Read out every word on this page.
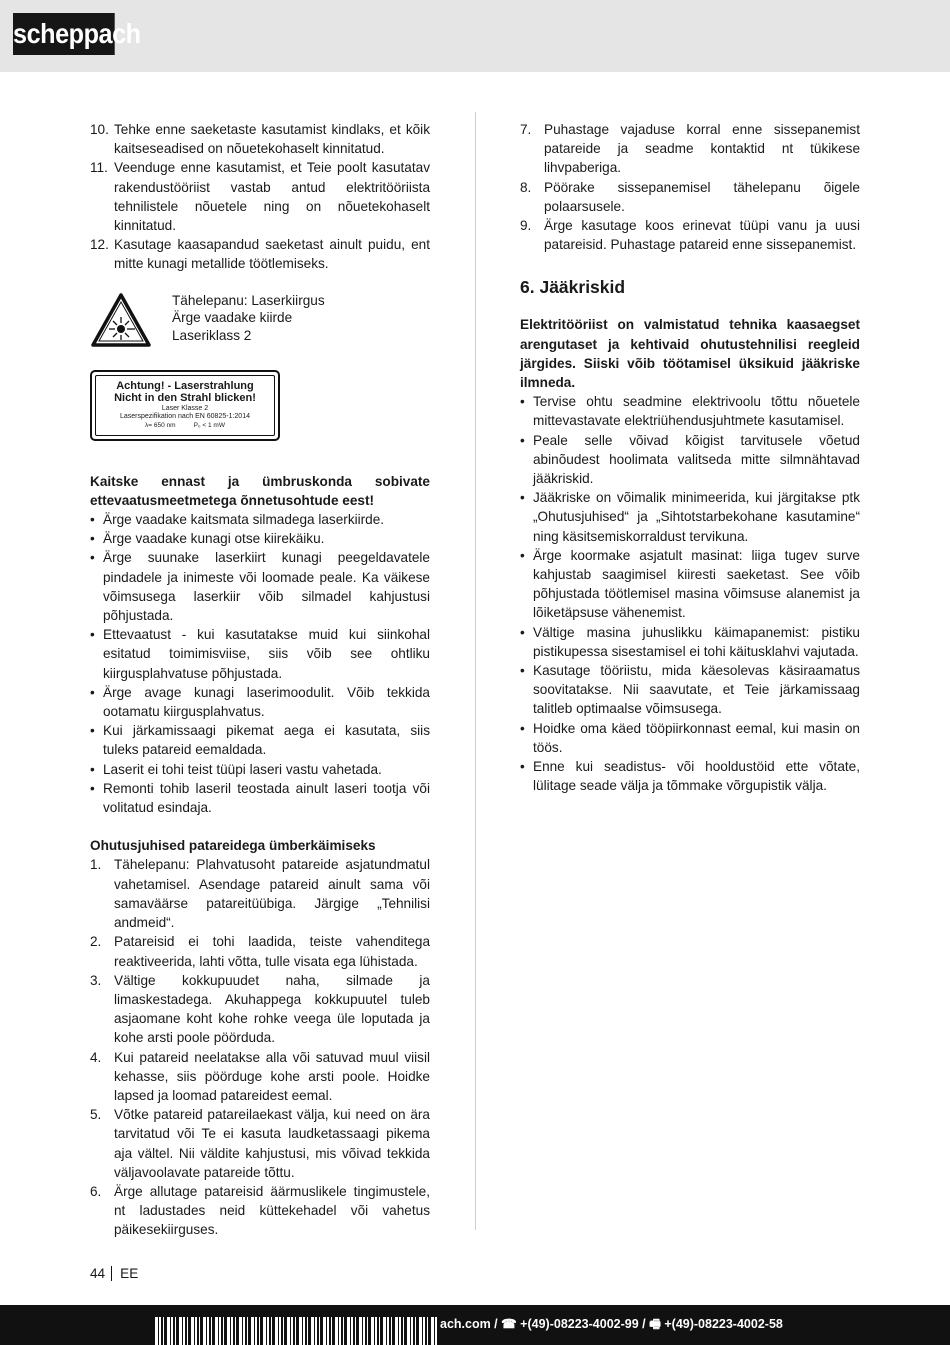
scheppach
10. Tehke enne saeketaste kasutamist kindlaks, et kõik kaitseseadised on nõuetekohaselt kinnitatud.
11. Veenduge enne kasutamist, et Teie poolt kasutatav rakendustööriist vastab antud elektritööriista tehnilistele nõuetele ning on nõuetekohaselt kinnitatud.
12. Kasutage kaasapandud saeketast ainult puidu, ent mitte kunagi metallide töötlemiseks.
Tähelepanu: Laserkiirgus
Ärge vaadake kiirde
Laseriklass 2
Achtung! - Laserstrahlung
Nicht in den Strahl blicken!
Laser Klasse 2
Laserspezifikation nach EN 60825-1:2014
λ= 650 nm	P₀ < 1 mW

Kaitske ennast ja ümbruskonda sobivate ettevaatusmeetmetega õnnetusohtude eest!

• Ärge vaadake kaitsmata silmadega laserkiirde.
• Ärge vaadake kunagi otse kiirekäiku.
• Ärge suunake laserkiirt kunagi peegeldavatele pindadele ja inimeste või loomade peale. Ka väikese võimsusega laserkiir võib silmadel kahjustusi põhjustada.
• Ettevaatust - kui kasutatakse muid kui siinkohal esitatud toimimisviise, siis võib see ohtliku kiirgusplahvatuse põhjustada.
• Ärge avage kunagi laserimoodulit. Võib tekkida ootamatu kiirgusplahvatus.
• Kui järkamissaagi pikemat aega ei kasutata, siis tuleks patareid eemaldada.
• Laserit ei tohi teist tüüpi laseri vastu vahetada.
• Remonti tohib laseril teostada ainult laseri tootja või volitatud esindaja.

Ohutusjuhised patareidega ümberkäimiseks

1. Tähelepanu: Plahvatusoht patareide asjatundmatul vahetamisel. Asendage patareid ainult sama või samaväärse patareitüübiga. Järgige „Tehnilisi andmeid“.
2. Patareisid ei tohi laadida, teiste vahenditega reaktiveerida, lahti võtta, tulle visata ega lühistada.
3. Vältige kokkupuudet naha, silmade ja limaskestadega. Akuhappega kokkupuutel tuleb asjaomane koht kohe rohke veega üle loputada ja kohe arsti poole pöörduda.
4. Kui patareid neelatakse alla või satuvad muul viisil kehasse, siis pöörduge kohe arsti poole. Hoidke lapsed ja loomad patareidest eemal.
5. Võtke patareid patareilaekast välja, kui need on ära tarvitatud või Te ei kasuta laudketassaagi pikema aja vältel. Nii väldite kahjustusi, mis võivad tekkida väljavoolavate patareide tõttu.
6. Ärge allutage patareisid äärmuslikele tingimustele, nt ladustades neid küttekehadel või vahetus päikesekiirguses.
7. Puhastage vajaduse korral enne sissepanemist patareide ja seadme kontaktid nt tükikese lihvpaberiga.
8. Pöörake sissepanemisel tähelepanu õigele polaarsusele.
9. Ärge kasutage koos erinevat tüüpi vanu ja uusi patareisid. Puhastage patareid enne sissepanemist.

6. Jääkriskid

Elektritööriist on valmistatud tehnika kaasaegset arengutaset ja kehtivaid ohutustehnilisi reegleid järgides. Siiski võib töötamisel üksikuid jääkriske ilmneda.

• Tervise ohtu seadmine elektrivoolu tõttu nõuetele mittevastavate elektriühendusjuhtmete kasutamisel.
• Peale selle võivad kõigist tarvitusele võetud abinõudest hoolimata valitseda mitte silmnähtavad jääkriskid.
• Jääkriske on võimalik minimeerida, kui järgitakse ptk „Ohutusjuhised“ ja „Sihtotstarbekohane kasutamine“ ning käsitsemiskorraldust tervikuna.
• Ärge koormake asjatult masinat: liiga tugev surve kahjustab saagimisel kiiresti saeketast. See võib põhjustada töötlemisel masina võimsuse alanemist ja lõiketäpsuse vähenemist.
• Vältige masina juhuslikku käimapanemist: pistiku pistikupessa sisestamisel ei tohi käitusklahvi vajutada.
• Kasutage tööriistu, mida käesolevas käsiraamatus soovitatakse. Nii saavutate, et Teie järkamissaag talitleb optimaalse võimsusega.
• Hoidke oma käed tööpiirkonnast eemal, kui masin on töös.
• Enne kui seadistus- või hooldustöid ette võtate, lülitage seade välja ja tõmmake võrgupistik välja.
44 EE
ach.com / ☎ +(49)-08223-4002-99 / 🖷 +(49)-08223-4002-58
